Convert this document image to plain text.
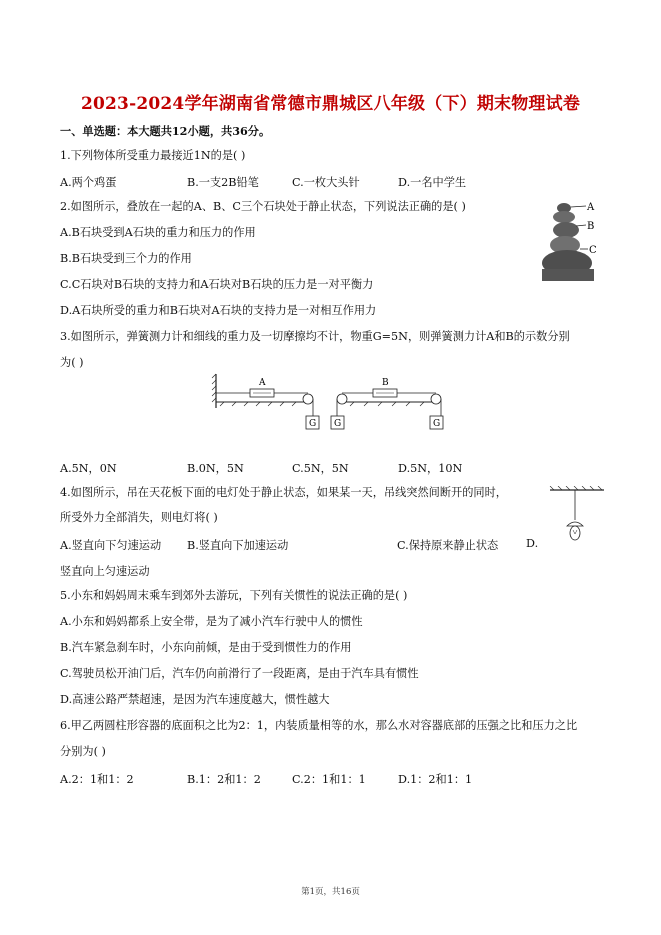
2023-2024学年湖南省常德市鼎城区八年级（下）期末物理试卷
一、单选题：本大题共12小题，共36分。
1.下列物体所受重力最接近1N的是( )
A.两个鸡蛋	B.一支2B铅笔	C.一枚大头针	D.一名中学生
2.如图所示，叠放在一起的A、B、C三个石块处于静止状态，下列说法正确的是( )
A.B石块受到A石块的重力和压力的作用
B.B石块受到三个力的作用
C.C石块对B石块的支持力和A石块对B石块的压力是一对平衡力
D.A石块所受的重力和B石块对A石块的支持力是一对相互作用力
A
B
C
3.如图所示，弹簧测力计和细线的重力及一切摩擦均不计，物重G=5N，则弹簧测力计A和B的示数分别
为( )
A
G G
B
G
A.5N，0N	B.0N，5N	C.5N，5N	D.5N，10N
4.如图所示，吊在天花板下面的电灯处于静止状态，如果某一天，吊线突然间断开的同时，
所受外力全部消失，则电灯将( )
A.竖直向下匀速运动 B.竖直向下加速运动	C.保持原来静止状态 D.
竖直向上匀速运动
5.小东和妈妈周末乘车到郊外去游玩，下列有关惯性的说法正确的是( )
A.小东和妈妈都系上安全带，是为了减小汽车行驶中人的惯性
B.汽车紧急刹车时，小东向前倾，是由于受到惯性力的作用
C.驾驶员松开油门后，汽车仍向前滑行了一段距离，是由于汽车具有惯性
D.高速公路严禁超速，是因为汽车速度越大，惯性越大
6.甲乙两圆柱形容器的底面积之比为2：1，内装质量相等的水，那么水对容器底部的压强之比和压力之比
分别为( )
A.2：1和1：2	B.1：2和1：2	C.2：1和1：1	D.1：2和1：1
第1页，共16页
